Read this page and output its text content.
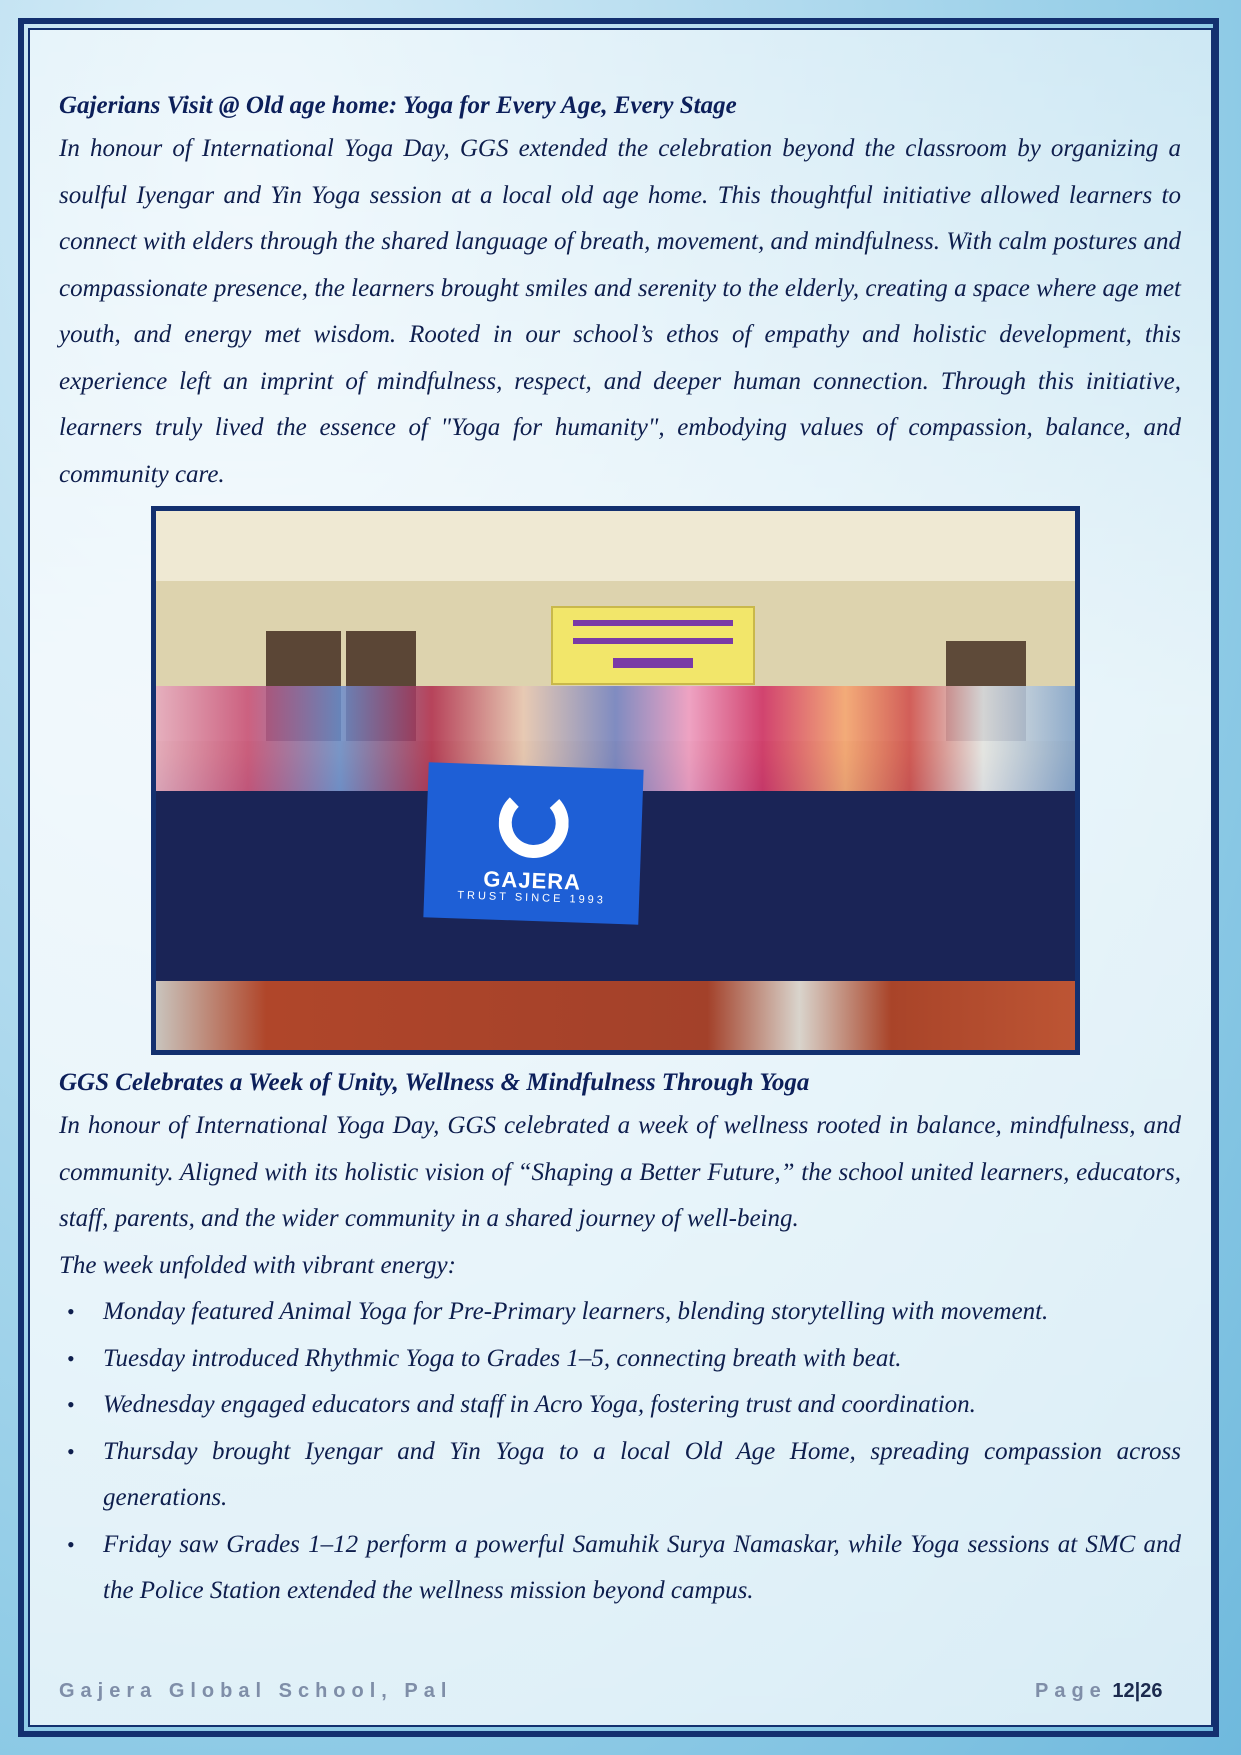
Gajerians Visit @ Old age home: Yoga for Every Age, Every Stage

In honour of International Yoga Day, GGS extended the celebration beyond the classroom by organizing a soulful Iyengar and Yin Yoga session at a local old age home. This thoughtful initiative allowed learners to connect with elders through the shared language of breath, movement, and mindfulness. With calm postures and compassionate presence, the learners brought smiles and serenity to the elderly, creating a space where age met youth, and energy met wisdom. Rooted in our school’s ethos of empathy and holistic development, this experience left an imprint of mindfulness, respect, and deeper human connection. Through this initiative, learners truly lived the essence of "Yoga for humanity", embodying values of compassion, balance, and community care.

GAJERA
TRUST SINCE 1993
GGS Celebrates a Week of Unity, Wellness & Mindfulness Through Yoga

In honour of International Yoga Day, GGS celebrated a week of wellness rooted in balance, mindfulness, and community. Aligned with its holistic vision of “Shaping a Better Future,” the school united learners, educators, staff, parents, and the wider community in a shared journey of well-being.

The week unfolded with vibrant energy:

• Monday featured Animal Yoga for Pre-Primary learners, blending storytelling with movement.
• Tuesday introduced Rhythmic Yoga to Grades 1–5, connecting breath with beat.
• Wednesday engaged educators and staff in Acro Yoga, fostering trust and coordination.
• Thursday brought Iyengar and Yin Yoga to a local Old Age Home, spreading compassion across generations.
• Friday saw Grades 1–12 perform a powerful Samuhik Surya Namaskar, while Yoga sessions at SMC and the Police Station extended the wellness mission beyond campus.
Gajera Global School, Pal	Page 12|26
